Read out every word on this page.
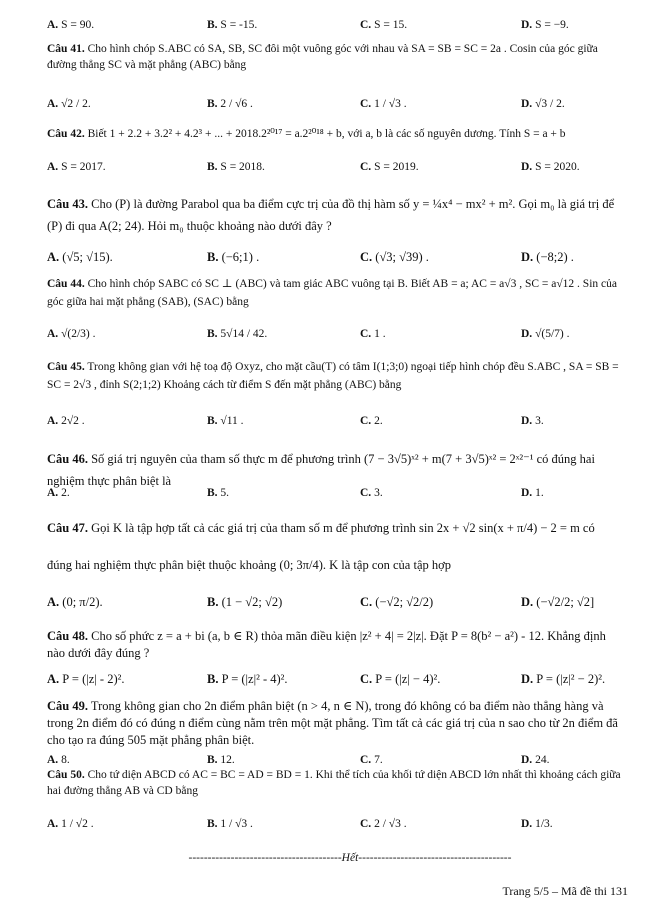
A. S = 90.	B. S = -15.	C. S = 15.	D. S = −9.
Câu 41. Cho hình chóp S.ABC có SA, SB, SC đôi một vuông góc với nhau và SA = SB = SC = 2a . Cosin của góc giữa đường thẳng SC và mặt phẳng (ABC) bằng
A. √2 / 2.	B. 2 / √6 .	C. 1 / √3 .	D. √3 / 2.
Câu 42. Biết 1 + 2.2 + 3.2² + 4.2³ + ... + 2018.2²⁰¹⁷ = a.2²⁰¹⁸ + b, với a, b là các số nguyên dương. Tính S = a + b
A. S = 2017.	B. S = 2018.	C. S = 2019.	D. S = 2020.
Câu 43. Cho (P) là đường Parabol qua ba điểm cực trị của đồ thị hàm số y = ¼x⁴ − mx² + m². Gọi m₀ là giá trị để (P) đi qua A(2; 24). Hỏi m₀ thuộc khoảng nào dưới đây ?
A. (√5; √15).	B. (−6;1) .	C. (√3; √39) .	D. (−8;2) .
Câu 44. Cho hình chóp SABC có SC ⊥ (ABC) và tam giác ABC vuông tại B. Biết AB = a; AC = a√3 , SC = a√12 . Sin của góc giữa hai mặt phẳng (SAB), (SAC) bằng
A. √(2/3) .	B. 5√14 / 42.	C. 1 .	D. √(5/7) .
Câu 45. Trong không gian với hệ toạ độ Oxyz, cho mặt cầu(T) có tâm I(1;3;0) ngoại tiếp hình chóp đều S.ABC , SA = SB = SC = 2√3 , đỉnh S(2;1;2) Khoảng cách từ điểm S đến mặt phẳng (ABC) bằng
A. 2√2 .	B. √11 .	C. 2.	D. 3.
Câu 46. Số giá trị nguyên của tham số thực m để phương trình (7 − 3√5)ˣ² + m(7 + 3√5)ˣ² = 2ˣ²⁻¹ có đúng hai nghiệm thực phân biệt là
A. 2.	B. 5.	C. 3.	D. 1.
Câu 47. Gọi K là tập hợp tất cả các giá trị của tham số m để phương trình sin 2x + √2 sin(x + π/4) − 2 = m có
đúng hai nghiệm thực phân biệt thuộc khoảng (0; 3π/4). K là tập con của tập hợp
A. (0; π/2).	B. (1 − √2; √2)	C. (−√2; √2/2)	D. (−√2/2; √2]
Câu 48. Cho số phức z = a + bi (a, b ∈ R) thỏa mãn điều kiện |z² + 4| = 2|z|. Đặt P = 8(b² − a²) - 12. Khẳng định nào dưới đây đúng ?
A. P = (|z| - 2)².	B. P = (|z|² - 4)².	C. P = (|z| − 4)².	D. P = (|z|² − 2)².
Câu 49. Trong không gian cho 2n điểm phân biệt (n > 4, n ∈ N), trong đó không có ba điểm nào thẳng hàng và trong 2n điểm đó có đúng n điểm cùng nằm trên một mặt phẳng. Tìm tất cả các giá trị của n sao cho từ 2n điểm đã cho tạo ra đúng 505 mặt phẳng phân biệt.
A. 8.	B. 12.	C. 7.	D. 24.
Câu 50. Cho tứ diện ABCD có AC = BC = AD = BD = 1. Khi thể tích của khối tứ diện ABCD lớn nhất thì khoảng cách giữa hai đường thẳng AB và CD bằng
A. 1 / √2 .	B. 1 / √3 .	C. 2 / √3 .	D. 1/3.
----------------------------------------Hết----------------------------------------
Trang 5/5 – Mã đề thi 131
